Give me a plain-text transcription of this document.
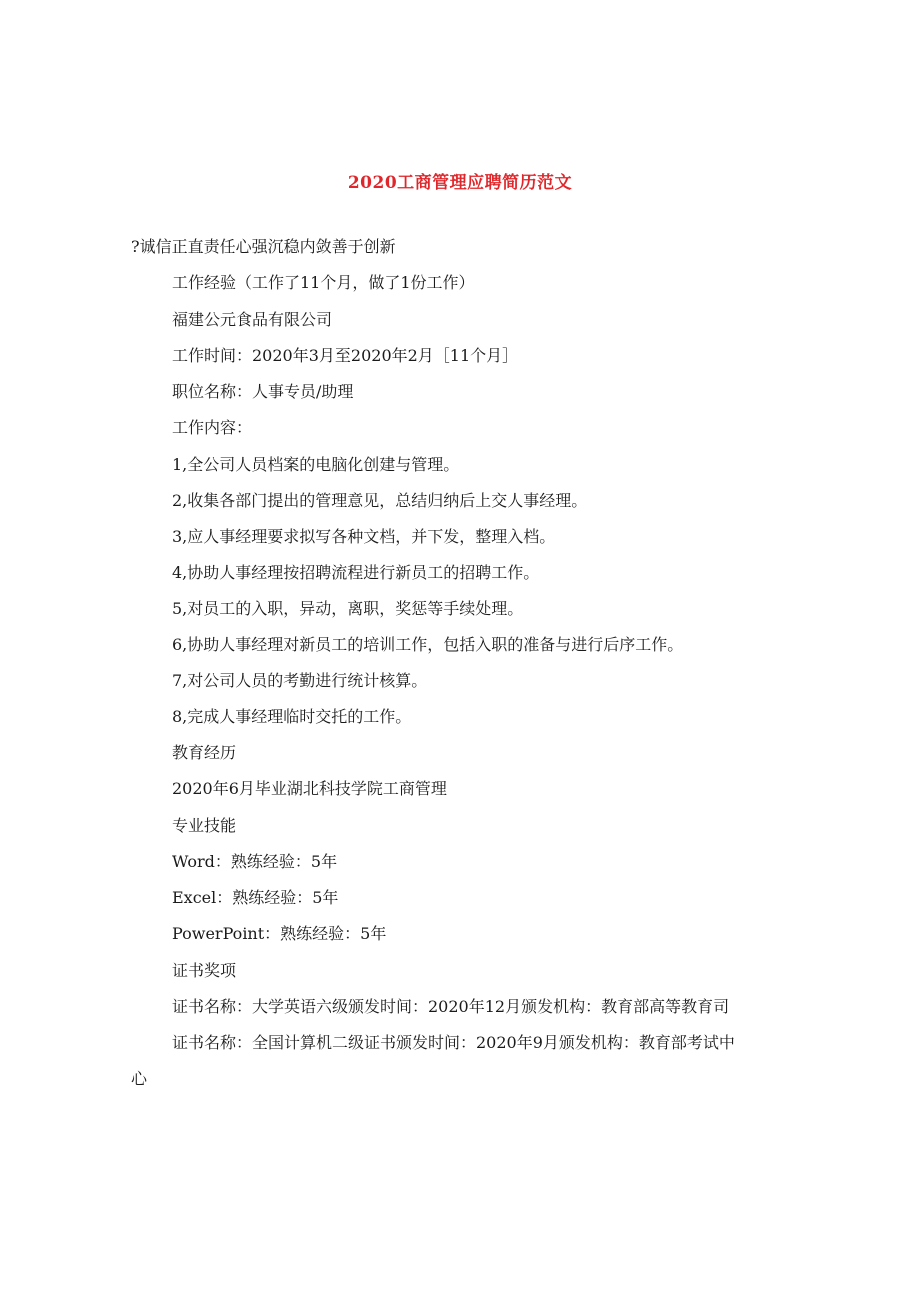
2020工商管理应聘简历范文
?诚信正直责任心强沉稳内敛善于创新
工作经验（工作了11个月，做了1份工作）
福建公元食品有限公司
工作时间：2020年3月至2020年2月［11个月］
职位名称：人事专员/助理
工作内容：
1,全公司人员档案的电脑化创建与管理。
2,收集各部门提出的管理意见，总结归纳后上交人事经理。
3,应人事经理要求拟写各种文档，并下发，整理入档。
4,协助人事经理按招聘流程进行新员工的招聘工作。
5,对员工的入职，异动，离职，奖惩等手续处理。
6,协助人事经理对新员工的培训工作，包括入职的准备与进行后序工作。
7,对公司人员的考勤进行统计核算。
8,完成人事经理临时交托的工作。
教育经历
2020年6月毕业湖北科技学院工商管理
专业技能
Word：熟练经验：5年
Excel：熟练经验：5年
PowerPoint：熟练经验：5年
证书奖项
证书名称：大学英语六级颁发时间：2020年12月颁发机构：教育部高等教育司
证书名称：全国计算机二级证书颁发时间：2020年9月颁发机构：教育部考试中
心
